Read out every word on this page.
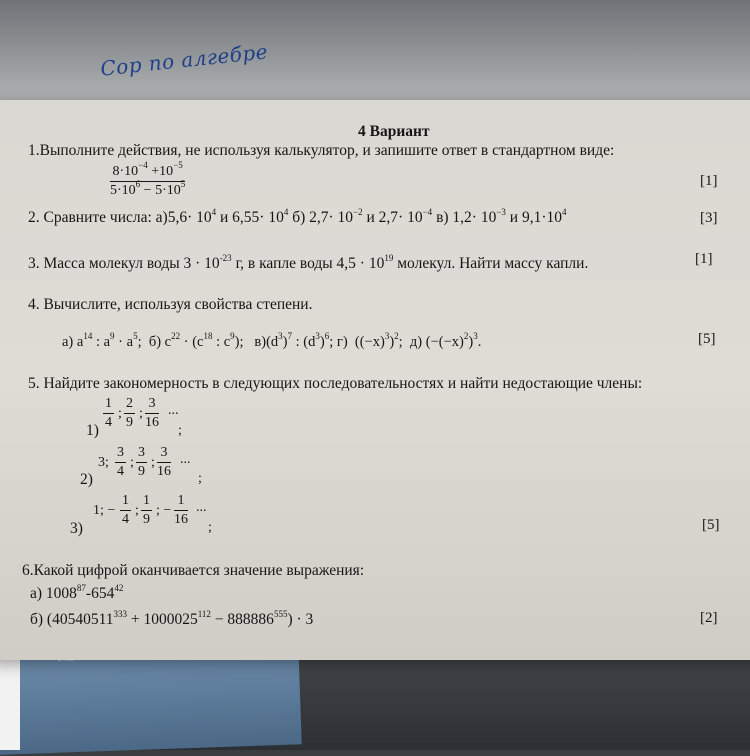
Сор по алгебре
4 Вариант
1.Выполните действия, не используя калькулятор, и запишите ответ в стандартном виде:
$\frac{8\cdot 10^{-4} +10^{-5}}{5\cdot 10^6 - 5\cdot 10^5}$	[1]
2. Сравните числа: $а)5,6\cdot 10^4$ и $6,55\cdot 10^4$ б) $2,7\cdot 10^{-2}$ и $2,7\cdot 10^{-4}$ в) $1,2\cdot 10^{-3}$ и $9,1\cdot 10^4$	[3]
3. Масса молекул воды $3 \cdot 10^{-23}$ г, в капле воды $4,5 \cdot 10^{19}$ молекул. Найти массу капли.	[1]
4. Вычислите, используя свойства степени.
а) $a^{14}$ : $a^9 \cdot a^5$;  б) $c^{22} \cdot (c^{18}$ : $c^9$);   $в)(d^3)^7$ : $(d^3)^6$; г)  $((-x)^3)^2$;  д) $(-(-x)^2)^3$.	[5]
5. Найдите закономерность в следующих последовательностях и найти недостающие члены:
1)
$\frac{1}{4}$ ; $\frac{2}{9}$ ; $\frac{3}{16}$ ...
;
2)
3; $\frac{3}{4}$ ; $\frac{3}{9}$ ; $\frac{3}{16}$ ...
;
3)
1; − $\frac{1}{4}$ ; $\frac{1}{9}$ ; − $\frac{1}{16}$ ...
;	[5]
6.Какой цифрой оканчивается значение выражения:
а) $1008^{87}-654^{42}$
б) $(40540511^{333} + 1000025^{112} - 888886^{555}) \cdot 3$	[2]
